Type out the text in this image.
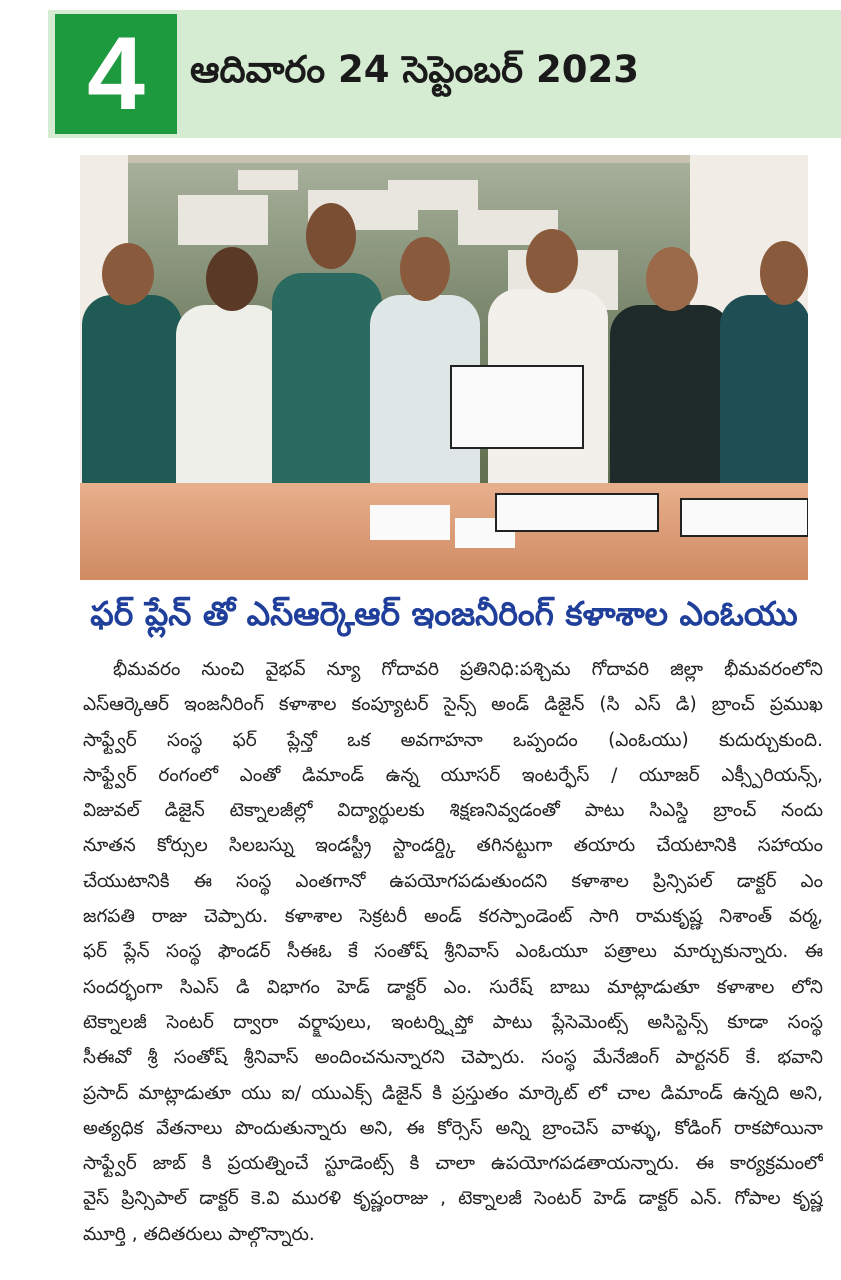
4	ఆదివారం 24 సెప్టెంబర్ 2023
ఫర్ ప్లేన్ తో ఎస్ఆర్కెఆర్ ఇంజనీరింగ్ కళాశాల ఎంఓయు
భీమవరం నుంచి వైభవ్ న్యూ గోదావరి ప్రతినిధి:పశ్చిమ గోదావరి జిల్లా భీమవరంలోని
ఎస్ఆర్కెఆర్ ఇంజనీరింగ్ కళాశాల కంప్యూటర్ సైన్స్ అండ్ డిజైన్ (సి ఎస్ డి) బ్రాంచ్ ప్రముఖ
సాఫ్ట్వేర్ సంస్థ ఫర్ ప్లేన్తో ఒక అవగాహనా ఒప్పందం (ఎంఓయు) కుదుర్చుకుంది.
సాఫ్ట్వేర్ రంగంలో ఎంతో డిమాండ్ ఉన్న యూసర్ ఇంటర్ఫేస్ / యూజర్ ఎక్స్పీరియన్స్,
విజువల్ డిజైన్ టెక్నాలజీల్లో విద్యార్థులకు శిక్షణనివ్వడంతో పాటు సిఎస్డి బ్రాంచ్ నందు
నూతన కోర్సుల సిలబస్ను ఇండస్ట్రీ స్టాండర్డ్కి తగినట్టుగా తయారు చేయటానికి సహాయం
చేయుటానికి ఈ సంస్థ ఎంతగానో ఉపయోగపడుతుందని కళాశాల ప్రిన్సిపల్ డాక్టర్ ఎం
జగపతి రాజు చెప్పారు. కళాశాల సెక్రటరీ అండ్ కరస్పాండెంట్ సాగి రామకృష్ణ నిశాంత్ వర్మ,
ఫర్ ప్లేన్ సంస్థ ఫౌండర్ సీఈఓ కే సంతోష్ శ్రీనివాస్ ఎంఓయూ పత్రాలు మార్చుకున్నారు. ఈ
సందర్భంగా సిఎస్ డి విభాగం హెడ్ డాక్టర్ ఎం. సురేష్ బాబు మాట్లాడుతూ కళాశాల లోని
టెక్నాలజీ సెంటర్ ద్వారా వర్క్షాపులు, ఇంటర్న్షిప్తో పాటు ప్లేసెమెంట్స్ అసిస్టెన్స్ కూడా సంస్థ
సీఈవో శ్రీ సంతోష్ శ్రీనివాస్ అందించనున్నారని చెప్పారు. సంస్థ మేనేజింగ్ పార్టనర్ కే. భవాని
ప్రసాద్ మాట్లాడుతూ యు ఐ/ యుఎక్స్ డిజైన్ కి ప్రస్తుతం మార్కెట్ లో చాల డిమాండ్ ఉన్నది అని,
అత్యధిక వేతనాలు పొందుతున్నారు అని, ఈ కోర్సెస్ అన్ని బ్రాంచెస్ వాళ్ళు, కోడింగ్ రాకపోయినా
సాఫ్ట్వేర్ జాబ్ కి ప్రయత్నించే స్టూడెంట్స్ కి చాలా ఉపయోగపడతాయన్నారు. ఈ కార్యక్రమంలో
వైస్ ప్రిన్సిపాల్ డాక్టర్ కె.వి మురళి కృష్ణంరాజు , టెక్నాలజీ సెంటర్ హెడ్ డాక్టర్ ఎన్. గోపాల కృష్ణ
మూర్తి , తదితరులు పాల్గొన్నారు.
